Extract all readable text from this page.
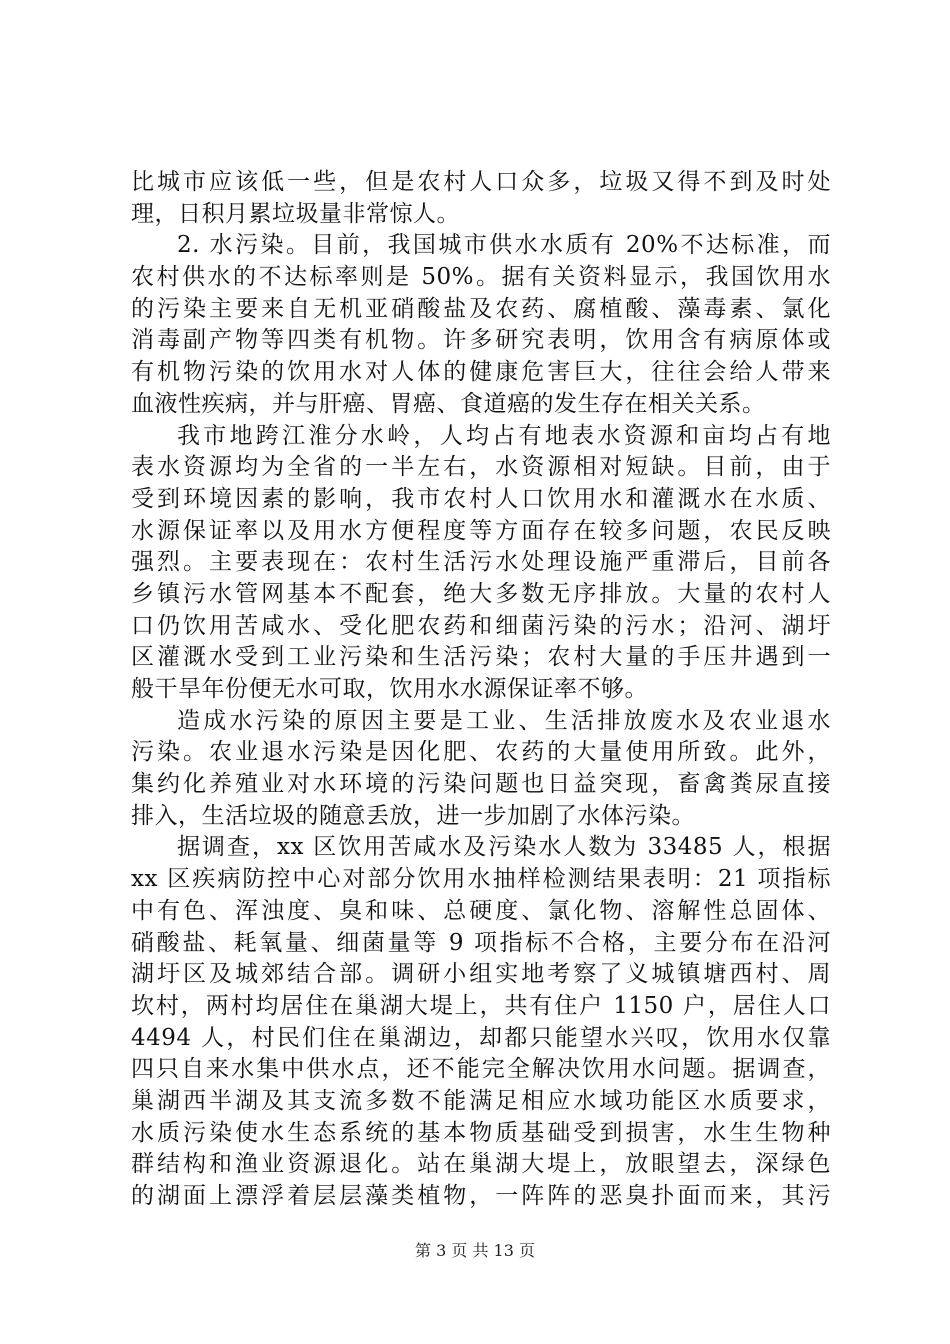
比城市应该低一些，但是农村人口众多，垃圾又得不到及时处
理，日积月累垃圾量非常惊人。
2. 水污染。目前，我国城市供水水质有 20%不达标准，而
农村供水的不达标率则是 50%。据有关资料显示，我国饮用水
的污染主要来自无机亚硝酸盐及农药、腐植酸、藻毒素、氯化
消毒副产物等四类有机物。许多研究表明，饮用含有病原体或
有机物污染的饮用水对人体的健康危害巨大，往往会给人带来
血液性疾病，并与肝癌、胃癌、食道癌的发生存在相关关系。
我市地跨江淮分水岭，人均占有地表水资源和亩均占有地
表水资源均为全省的一半左右，水资源相对短缺。目前，由于
受到环境因素的影响，我市农村人口饮用水和灌溉水在水质、
水源保证率以及用水方便程度等方面存在较多问题，农民反映
强烈。主要表现在：农村生活污水处理设施严重滞后，目前各
乡镇污水管网基本不配套，绝大多数无序排放。大量的农村人
口仍饮用苦咸水、受化肥农药和细菌污染的污水；沿河、湖圩
区灌溉水受到工业污染和生活污染；农村大量的手压井遇到一
般干旱年份便无水可取，饮用水水源保证率不够。
造成水污染的原因主要是工业、生活排放废水及农业退水
污染。农业退水污染是因化肥、农药的大量使用所致。此外，
集约化养殖业对水环境的污染问题也日益突现，畜禽粪尿直接
排入，生活垃圾的随意丢放，进一步加剧了水体污染。
据调查，xx 区饮用苦咸水及污染水人数为 33485 人，根据
xx 区疾病防控中心对部分饮用水抽样检测结果表明：21 项指标
中有色、浑浊度、臭和味、总硬度、氯化物、溶解性总固体、
硝酸盐、耗氧量、细菌量等 9 项指标不合格，主要分布在沿河
湖圩区及城郊结合部。调研小组实地考察了义城镇塘西村、周
坎村，两村均居住在巢湖大堤上，共有住户 1150 户，居住人口
4494 人，村民们住在巢湖边，却都只能望水兴叹，饮用水仅靠
四只自来水集中供水点，还不能完全解决饮用水问题。据调查，
巢湖西半湖及其支流多数不能满足相应水域功能区水质要求，
水质污染使水生态系统的基本物质基础受到损害，水生生物种
群结构和渔业资源退化。站在巢湖大堤上，放眼望去，深绿色
的湖面上漂浮着层层藻类植物，一阵阵的恶臭扑面而来，其污
第 3 页 共 13 页
